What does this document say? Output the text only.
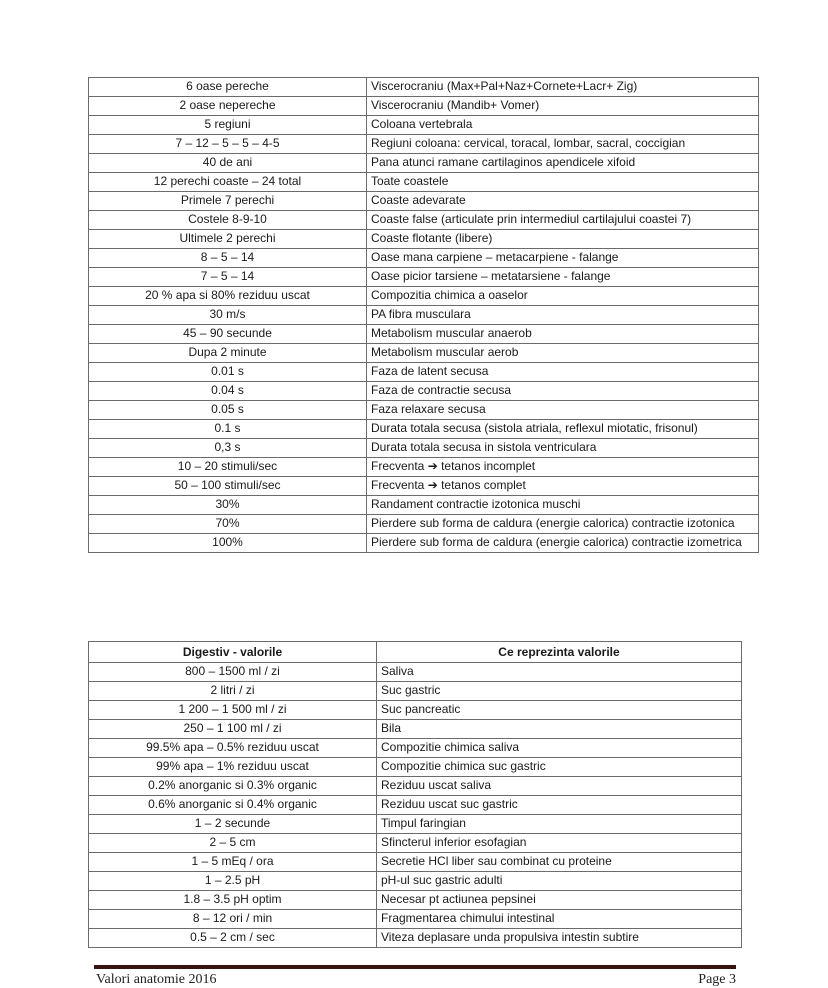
6 oase pereche	Viscerocraniu (Max+Pal+Naz+Cornete+Lacr+ Zig)
2 oase nepereche	Viscerocraniu (Mandib+ Vomer)
5 regiuni	Coloana vertebrala
7 – 12 – 5 – 5 – 4-5	Regiuni coloana: cervical, toracal, lombar, sacral, coccigian
40 de ani	Pana atunci ramane cartilaginos apendicele xifoid
12 perechi coaste – 24 total	Toate coastele
Primele 7 perechi	Coaste adevarate
Costele 8-9-10	Coaste false (articulate prin intermediul cartilajului coastei 7)
Ultimele 2 perechi	Coaste flotante (libere)
8 – 5 – 14	Oase mana carpiene – metacarpiene - falange
7 – 5 – 14	Oase picior tarsiene – metatarsiene - falange
20 % apa si 80% reziduu uscat	Compozitia chimica a oaselor
30 m/s	PA fibra musculara
45 – 90 secunde	Metabolism muscular anaerob
Dupa 2 minute	Metabolism muscular aerob
0.01 s	Faza de latent secusa
0.04 s	Faza de contractie secusa
0.05 s	Faza relaxare secusa
0.1 s	Durata totala secusa (sistola atriala, reflexul miotatic, frisonul)
0,3 s	Durata totala secusa in sistola ventriculara
10 – 20 stimuli/sec	Frecventa ➔ tetanos incomplet
50 – 100 stimuli/sec	Frecventa ➔ tetanos complet
30%	Randament contractie izotonica muschi
70%	Pierdere sub forma de caldura (energie calorica) contractie izotonica
100%	Pierdere sub forma de caldura (energie calorica) contractie izometrica
Digestiv - valorile	Ce reprezinta valorile
800 – 1500 ml / zi	Saliva
2 litri / zi	Suc gastric
1 200 – 1 500 ml / zi	Suc pancreatic
250 – 1 100 ml / zi	Bila
99.5% apa – 0.5% reziduu uscat	Compozitie chimica saliva
99% apa – 1% reziduu uscat	Compozitie chimica suc gastric
0.2% anorganic si 0.3% organic	Reziduu uscat saliva
0.6% anorganic si 0.4% organic	Reziduu uscat suc gastric
1 – 2 secunde	Timpul faringian
2 – 5 cm	Sfincterul inferior esofagian
1 – 5 mEq / ora	Secretie HCl liber sau combinat cu proteine
1 – 2.5 pH	pH-ul suc gastric adulti
1.8 – 3.5 pH optim	Necesar pt actiunea pepsinei
8 – 12 ori / min	Fragmentarea chimului intestinal
0.5 – 2 cm / sec	Viteza deplasare unda propulsiva intestin subtire
Valori anatomie 2016	Page 3
